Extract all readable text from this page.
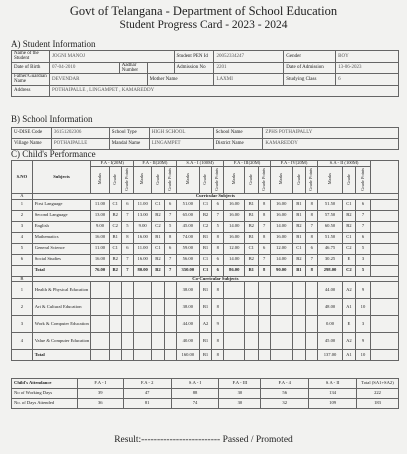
Govt of Telangana - Department of School Education
Student Progress Card - 2023 - 2024
A) Student Information
Name of the Student	JOGNI MANOJ			Student PEN Id	20052334247	Gender	BOY
Date of Birth	07-04-2010	Aadhar Number		Admission No	2201	Date of Admission	13-06-2023
Father/Guardian Name	DEVENDAR		Mother Name		LAXMI	Studying Class	6
Address	POTHAIPALLE , LINGAMPET , KAMAREDDY						
B) School Information
U-DISE Code	36151202306	School Type	HIGH SCHOOL	School Name	ZPHS POTHAIPALLY
Village Name	POTHAIPALLE	Mandal Name	LINGAMPET	District Name	KAMAREDDY
C) Child's Performance
S.NO	Subjects	F.A - I(20M)			F.A - II(20M)			S.A - I (100M)			F.A - III(20M)			F.A - IV(20M)			S.A - II (100M)			
		Marks	Grade	Grade Points	Marks	Grade	Grade Points	Marks	Grade	Grade Points	Marks	Grade	Grade Points	Marks	Grade	Grade Points	Marks	Grade	Grade Points	
A	Curricular Subjects																			
1	First Language	11.00	C1	6	11.00	C1	6	51.00	C1	6	16.00	B1	8	16.00	B1	8	51.50	C1	6	
2	Second Language	13.00	B2	7	13.00	B2	7	65.00	B2	7	16.00	B1	8	16.00	B1	8	57.50	B2	7	
3	English	9.00	C2	5	9.00	C2	5	45.00	C2	5	14.00	B2	7	14.00	B2	7	60.50	B2	7	
4	Mathematics	16.00	B1	8	16.00	B1	8	74.00	B1	8	16.00	B1	8	16.00	B1	8	51.50	C1	6	
5	General Science	11.00	C1	6	11.00	C1	6	59.00	B1	8	12.00	C1	6	12.00	C1	6	46.75	C2	5	
6	Social Studies	16.00	B2	7	16.00	B2	7	56.00	C1	6	14.00	B2	7	14.00	B2	7	30.25	E	3	
	Total	76.00	B2	7	80.00	B2	7	350.00	C1	6	86.00	B1	8	90.00	B1	8	298.00	C2	5	
B	Co-Curricular Subjects																			
1	Health & Physical Education							38.00	B1	8							44.00	A2	9	
2	Art & Cultural Education							38.00	B1	8							48.00	A1	10	
3	Work & Computer Education							44.00	A2	9							0.00	E	3	
4	Value & Computer Education							40.00	B1	8							45.00	A2	9	
	Total							160.00	B1	8							137.00	A1	10	
Child's Attendance	F.A - I	F.A - 2	S.A - I	F.A - III	F.A - 4	S.A - II	Total (SA1+SA2)
No of Working Days	39	47	88	30	56	134	222
No. of Days Attended	36	81	74	30	32	109	183
Result:------------------------- Passed / Promoted
